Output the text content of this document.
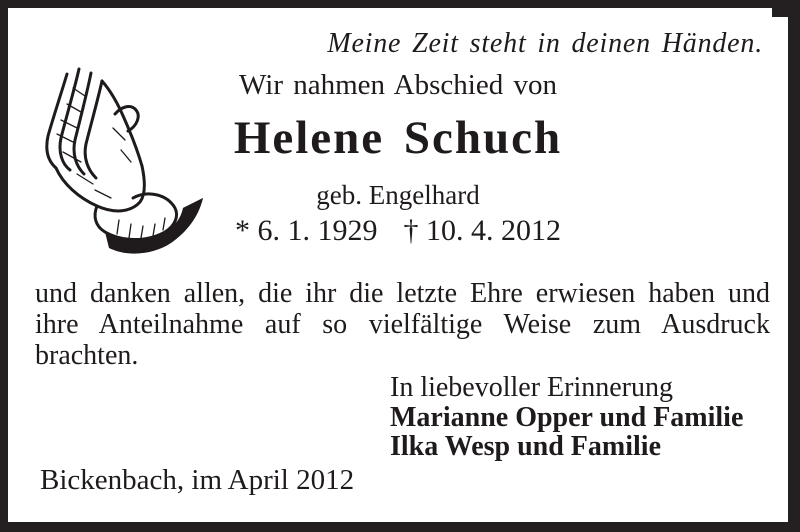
Meine Zeit steht in deinen Händen.
Wir nahmen Abschied von
Helene Schuch
geb. Engelhard
* 6. 1. 1929 † 10. 4. 2012
und danken allen, die ihr die letzte Ehre erwiesen haben und
ihre Anteilnahme auf so vielfältige Weise zum Ausdruck
brachten.
In liebevoller Erinnerung
Marianne Opper und Familie
Ilka Wesp und Familie
Bickenbach, im April 2012
